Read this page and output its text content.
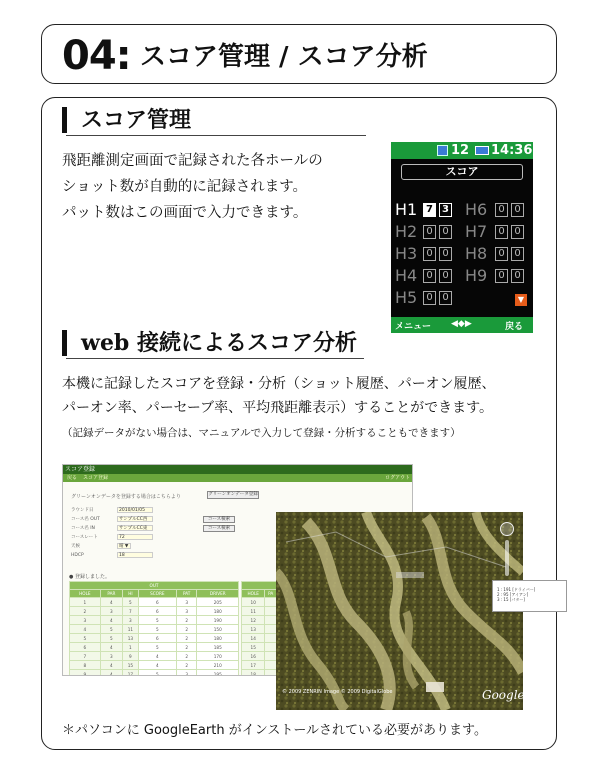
04: スコア管理 / スコア分析
スコア管理
飛距離測定画面で記録された各ホールの
ショット数が自動的に記録されます。
パット数はこの画面で入力できます。
12 14:36
スコア
H1 7 3
H2 0 0
H3 0 0
H4 0 0
H5 0 0
H6	0 0
H7	0 0
H8	0 0
H9	0 0
▼
メニュー ◀◆▶	戻る
web 接続によるスコア分析
本機に記録したスコアを登録・分析（ショット履歴、パーオン履歴、
パーオン率、パーセーブ率、平均飛距離表示）することができます。
（記録データがない場合は、マニュアルで入力して登録・分析することもできます）
スコア登録
戻る スコア登録	ログアウト
グリーンオンデータを登録する場合はこちらより	グリーンオンデータ登録
ラウンド日	2010/01/05
コース名 OUT	サンプルCC西
コース名 IN	サンプルCC東
コースレート	72
天候	晴 ▼
HDCP	18
コース検索
コース検索
● 登録しました。
OUT					
HOLE	PAR	HI	SCORE	PAT	DRIVER
1	4	5	6	3	205
2	3	7	6	3	180
3	4	3	5	2	190
4	5	11	5	2	150
5	5	13	6	2	180
6	4	1	5	2	185
7	3	9	4	2	170
8	4	15	4	2	210
9	4	17	5	3	195

HOLE	PA
10	
11	
12	
13	
14	
15	
16	
17	
18	
1 : 191 [ドライバー]
2 : 95 [アイアン]
3 : 15 [パター]
© 2009 ZENRIN Image © 2009 DigitalGlobe	Google
＊パソコンに GoogleEarth がインストールされている必要があります。
